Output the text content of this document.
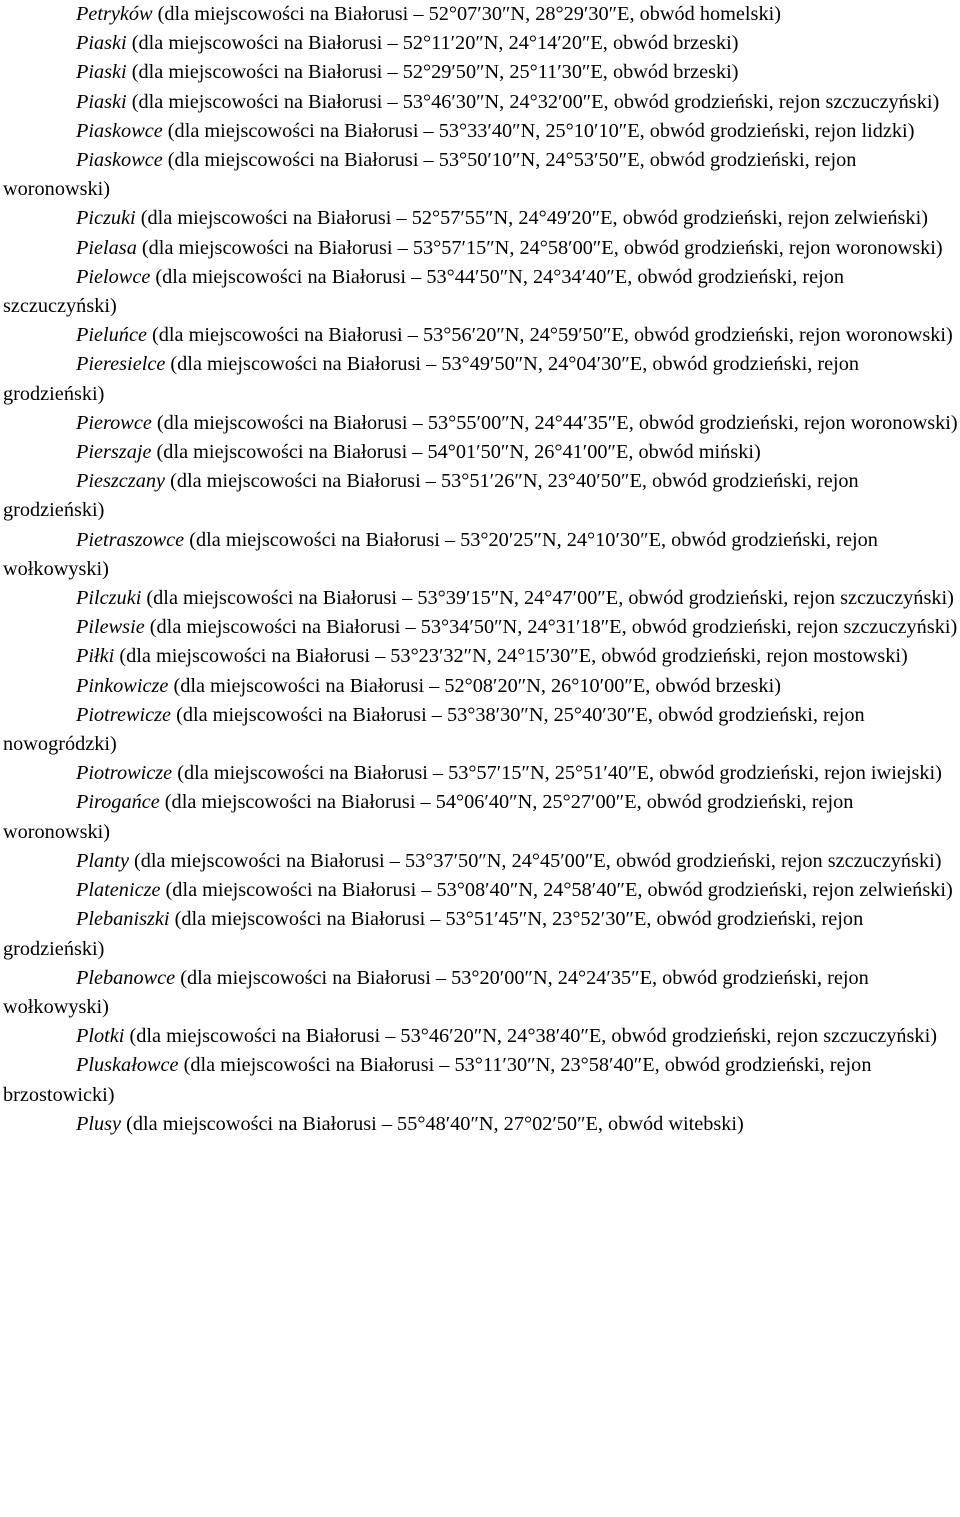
Petryków (dla miejscowości na Białorusi – 52°07′30″N, 28°29′30″E, obwód homelski)

Piaski (dla miejscowości na Białorusi – 52°11′20″N, 24°14′20″E, obwód brzeski)

Piaski (dla miejscowości na Białorusi – 52°29′50″N, 25°11′30″E, obwód brzeski)

Piaski (dla miejscowości na Białorusi – 53°46′30″N, 24°32′00″E, obwód grodzieński, rejon szczuczyński)

Piaskowce (dla miejscowości na Białorusi – 53°33′40″N, 25°10′10″E, obwód grodzieński, rejon lidzki)

Piaskowce (dla miejscowości na Białorusi – 53°50′10″N, 24°53′50″E, obwód grodzieński, rejon woronowski)

Piczuki (dla miejscowości na Białorusi – 52°57′55″N, 24°49′20″E, obwód grodzieński, rejon zelwieński)

Pielasa (dla miejscowości na Białorusi – 53°57′15″N, 24°58′00″E, obwód grodzieński, rejon woronowski)

Pielowce (dla miejscowości na Białorusi – 53°44′50″N, 24°34′40″E, obwód grodzieński, rejon szczuczyński)

Pieluńce (dla miejscowości na Białorusi – 53°56′20″N, 24°59′50″E, obwód grodzieński, rejon woronowski)

Pieresielce (dla miejscowości na Białorusi – 53°49′50″N, 24°04′30″E, obwód grodzieński, rejon grodzieński)

Pierowce (dla miejscowości na Białorusi – 53°55′00″N, 24°44′35″E, obwód grodzieński, rejon woronowski)

Pierszaje (dla miejscowości na Białorusi – 54°01′50″N, 26°41′00″E, obwód miński)

Pieszczany (dla miejscowości na Białorusi – 53°51′26″N, 23°40′50″E, obwód grodzieński, rejon grodzieński)

Pietraszowce (dla miejscowości na Białorusi – 53°20′25″N, 24°10′30″E, obwód grodzieński, rejon wołkowyski)

Pilczuki (dla miejscowości na Białorusi – 53°39′15″N, 24°47′00″E, obwód grodzieński, rejon szczuczyński)

Pilewsie (dla miejscowości na Białorusi – 53°34′50″N, 24°31′18″E, obwód grodzieński, rejon szczuczyński)

Piłki (dla miejscowości na Białorusi – 53°23′32″N, 24°15′30″E, obwód grodzieński, rejon mostowski)

Pinkowicze (dla miejscowości na Białorusi – 52°08′20″N, 26°10′00″E, obwód brzeski)

Piotrewicze (dla miejscowości na Białorusi – 53°38′30″N, 25°40′30″E, obwód grodzieński, rejon nowogródzki)

Piotrowicze (dla miejscowości na Białorusi – 53°57′15″N, 25°51′40″E, obwód grodzieński, rejon iwiejski)

Pirogańce (dla miejscowości na Białorusi – 54°06′40″N, 25°27′00″E, obwód grodzieński, rejon woronowski)

Planty (dla miejscowości na Białorusi – 53°37′50″N, 24°45′00″E, obwód grodzieński, rejon szczuczyński)

Platenicze (dla miejscowości na Białorusi – 53°08′40″N, 24°58′40″E, obwód grodzieński, rejon zelwieński)

Plebaniszki (dla miejscowości na Białorusi – 53°51′45″N, 23°52′30″E, obwód grodzieński, rejon grodzieński)

Plebanowce (dla miejscowości na Białorusi – 53°20′00″N, 24°24′35″E, obwód grodzieński, rejon wołkowyski)

Plotki (dla miejscowości na Białorusi – 53°46′20″N, 24°38′40″E, obwód grodzieński, rejon szczuczyński)

Pluskałowce (dla miejscowości na Białorusi – 53°11′30″N, 23°58′40″E, obwód grodzieński, rejon brzostowicki)

Plusy (dla miejscowości na Białorusi – 55°48′40″N, 27°02′50″E, obwód witebski)
